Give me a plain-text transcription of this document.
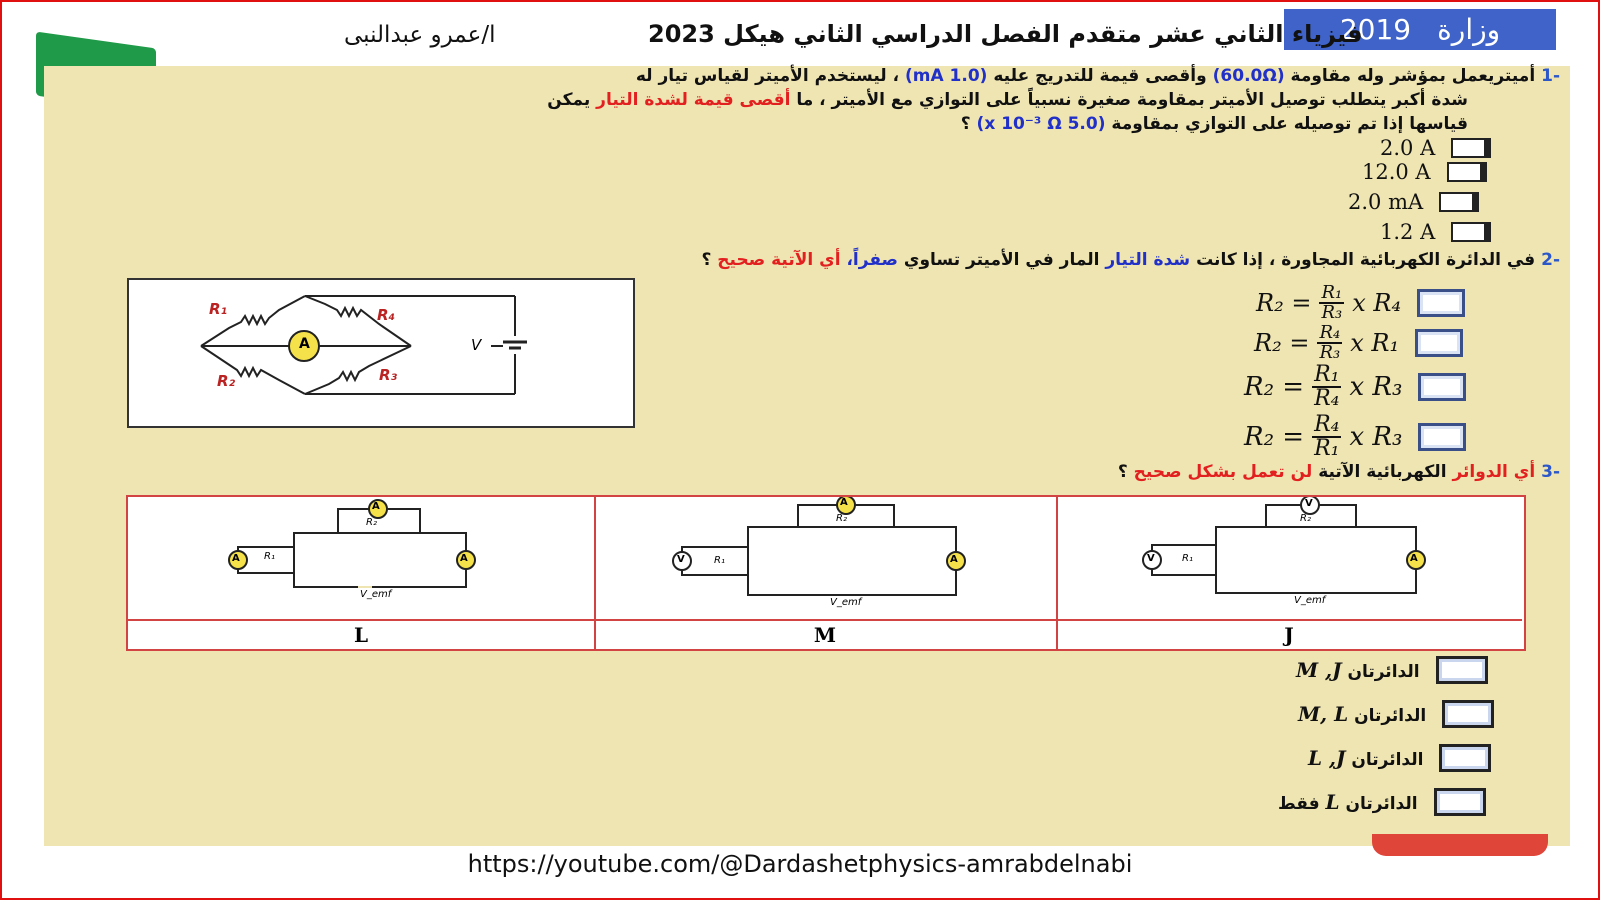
وزارة
2019
فيزياء الثاني عشر متقدم الفصل الدراسي الثاني هيكل 2023
ا/عمرو عبدالنبى
-1 أميتريعمل بمؤشر وله مقاومة (60.0Ω) وأقصى قيمة للتدريج عليه (1.0 mA) ، ليستخدم الأميتر لقياس تيار له
شدة أكبر يتطلب توصيل الأميتر بمقاومة صغيرة نسبياً على التوازي مع الأميتر ، ما أقصى قيمة لشدة التيار يمكن
قياسها إذا تم توصيله على التوازي بمقاومة (5.0 x 10⁻³ Ω) ؟
2.0 A
12.0 A
2.0 mA
1.2 A
-2 في الدائرة الكهربائية المجاورة ، إذا كانت شدة التيار المار في الأميتر تساوي صفراً، أي الآتية صحيح ؟
A
R₁	R₄
R₂	R₃
V
$R_2 = \frac{\text{R₁}}{\text{R₃}}$ x R₄
$R_2 = \frac{\text{R₄}}{\text{R₃}}$ x R₁
$R_2 = \frac{\text{R₁}}{\text{R₄}}$ x R₃
$R_2 = \frac{\text{R₄}}{\text{R₁}}$ x R₃
-3 أي الدوائر الكهربائية الآتية لن تعمل بشكل صحيح ؟
A
A	A
R₂
R₁
V_emf
L
A
V	A
R₂
R₁
V_emf
M
V
V	A
R₂
R₁
V_emf
J
الدائرتان M ,J
الدائرتان M, L
الدائرتان L ,J
الدائرتان L فقط
https://youtube.com/@Dardashetphysics-amrabdelnabi
